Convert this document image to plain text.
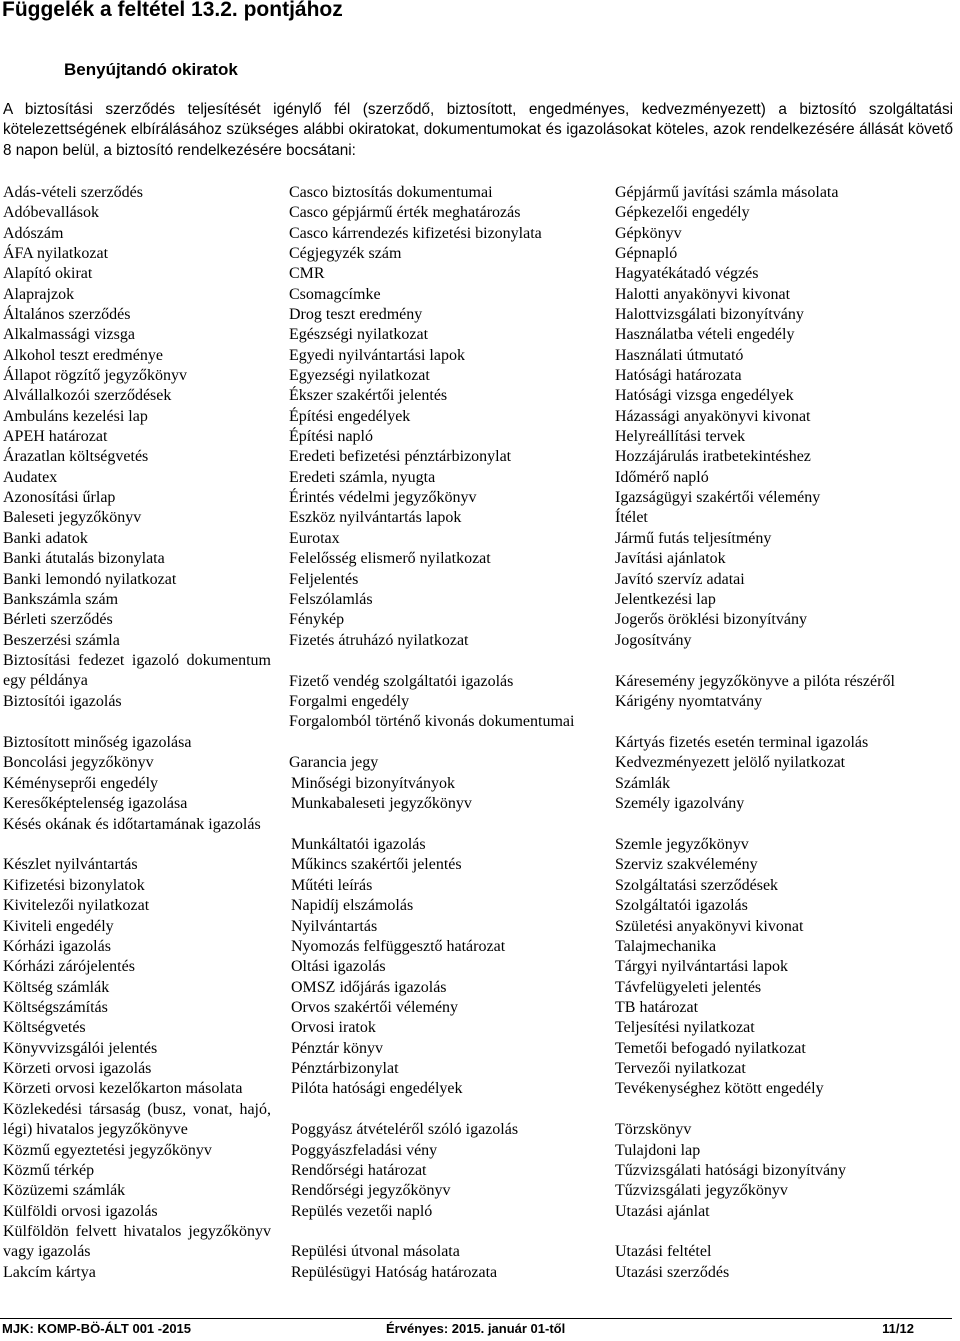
Függelék a feltétel 13.2. pontjához
Benyújtandó okiratok
A biztosítási szerződés teljesítését igénylő fél (szerződő, biztosított, engedményes, kedvezményezett) a biztosító szolgáltatási kötelezettségének elbírálásához szükséges alábbi okiratokat, dokumentumokat és igazolásokat köteles, azok rendelkezésére állását követő 8 napon belül, a biztosító rendelkezésére bocsátani:
Adás-vételi szerződés
Adóbevallások
Adószám
ÁFA nyilatkozat
Alapító okirat
Alaprajzok
Általános szerződés
Alkalmassági vizsga
Alkohol teszt eredménye
Állapot rögzítő jegyzőkönyv
Alvállalkozói szerződések
Ambuláns kezelési lap
APEH határozat
Árazatlan költségvetés
Audatex
Azonosítási űrlap
Baleseti jegyzőkönyv
Banki adatok
Banki átutalás bizonylata
Banki lemondó nyilatkozat
Bankszámla szám
Bérleti szerződés
Beszerzési számla
Biztosítási fedezet igazoló dokumentum egy példánya
Biztosítói igazolás
Biztosított minőség igazolása
Boncolási jegyzőkönyv
Kéményseprői engedély
Keresőképtelenség igazolása
Késés okának és időtartamának igazolás
Készlet nyilvántartás
Kifizetési bizonylatok
Kivitelezői nyilatkozat
Kiviteli engedély
Kórházi igazolás
Kórházi zárójelentés
Költség számlák
Költségszámítás
Költségvetés
Könyvvizsgálói jelentés
Körzeti orvosi igazolás
Körzeti orvosi kezelőkarton másolata
Közlekedési társaság (busz, vonat, hajó, légi) hivatalos jegyzőkönyve
Közmű egyeztetési jegyzőkönyv
Közmű térkép
Közüzemi számlák
Külföldi orvosi igazolás
Külföldön felvett hivatalos jegyzőkönyv vagy igazolás
Lakcím kártya
Casco biztosítás dokumentumai
Casco gépjármű érték meghatározás
Casco kárrendezés kifizetési bizonylata
Cégjegyzék szám
CMR
Csomagcímke
Drog teszt eredmény
Egészségi nyilatkozat
Egyedi nyilvántartási lapok
Egyezségi nyilatkozat
Ékszer szakértői jelentés
Építési engedélyek
Építési napló
Eredeti befizetési pénztárbizonylat
Eredeti számla, nyugta
Érintés védelmi jegyzőkönyv
Eszköz nyilvántartás lapok
Eurotax
Felelősség elismerő nyilatkozat
Feljelentés
Felszólamlás
Fénykép
Fizetés átruházó nyilatkozat
Fizető vendég szolgáltatói igazolás
Forgalmi engedély
Forgalomból történő kivonás dokumentumai
Garancia jegy
Minőségi bizonyítványok
Munkabaleseti jegyzőkönyv
Munkáltatói igazolás
Műkincs szakértői jelentés
Műtéti leírás
Napidíj elszámolás
Nyilvántartás
Nyomozás felfüggesztő határozat
Oltási igazolás
OMSZ időjárás igazolás
Orvos szakértői vélemény
Orvosi iratok
Pénztár könyv
Pénztárbizonylat
Pilóta hatósági engedélyek
Poggyász átvételéről szóló igazolás
Poggyászfeladási vény
Rendőrségi határozat
Rendőrségi jegyzőkönyv
Repülés vezetői napló
Repülési útvonal másolata
Repülésügyi Hatóság határozata
Gépjármű javítási számla másolata
Gépkezelői engedély
Gépkönyv
Gépnapló
Hagyatékátadó végzés
Halotti anyakönyvi kivonat
Halottvizsgálati bizonyítvány
Használatba vételi engedély
Használati útmutató
Hatósági határozata
Hatósági vizsga engedélyek
Házassági anyakönyvi kivonat
Helyreállítási tervek
Hozzájárulás iratbetekintéshez
Időmérő napló
Igazságügyi szakértői vélemény
Ítélet
Jármű futás teljesítmény
Javítási ajánlatok
Javító szervíz adatai
Jelentkezési lap
Jogerős öröklési bizonyítvány
Jogosítvány
Káresemény jegyzőkönyve a pilóta részéről
Kárigény nyomtatvány
Kártyás fizetés esetén terminal igazolás
Kedvezményezett jelölő nyilatkozat
Számlák
Személy igazolvány
Szemle jegyzőkönyv
Szerviz szakvélemény
Szolgáltatási szerződések
Szolgáltatói igazolás
Születési anyakönyvi kivonat
Talajmechanika
Tárgyi nyilvántartási lapok
Távfelügyeleti jelentés
TB határozat
Teljesítési nyilatkozat
Temetői befogadó nyilatkozat
Tervezői nyilatkozat
Tevékenységhez kötött engedély
Törzskönyv
Tulajdoni lap
Tűzvizsgálati hatósági bizonyítvány
Tűzvizsgálati jegyzőkönyv
Utazási ajánlat
Utazási feltétel
Utazási szerződés
MJK: KOMP-BÖ-ÁLT 001 -2015	Érvényes: 2015. január 01-től	11/12
